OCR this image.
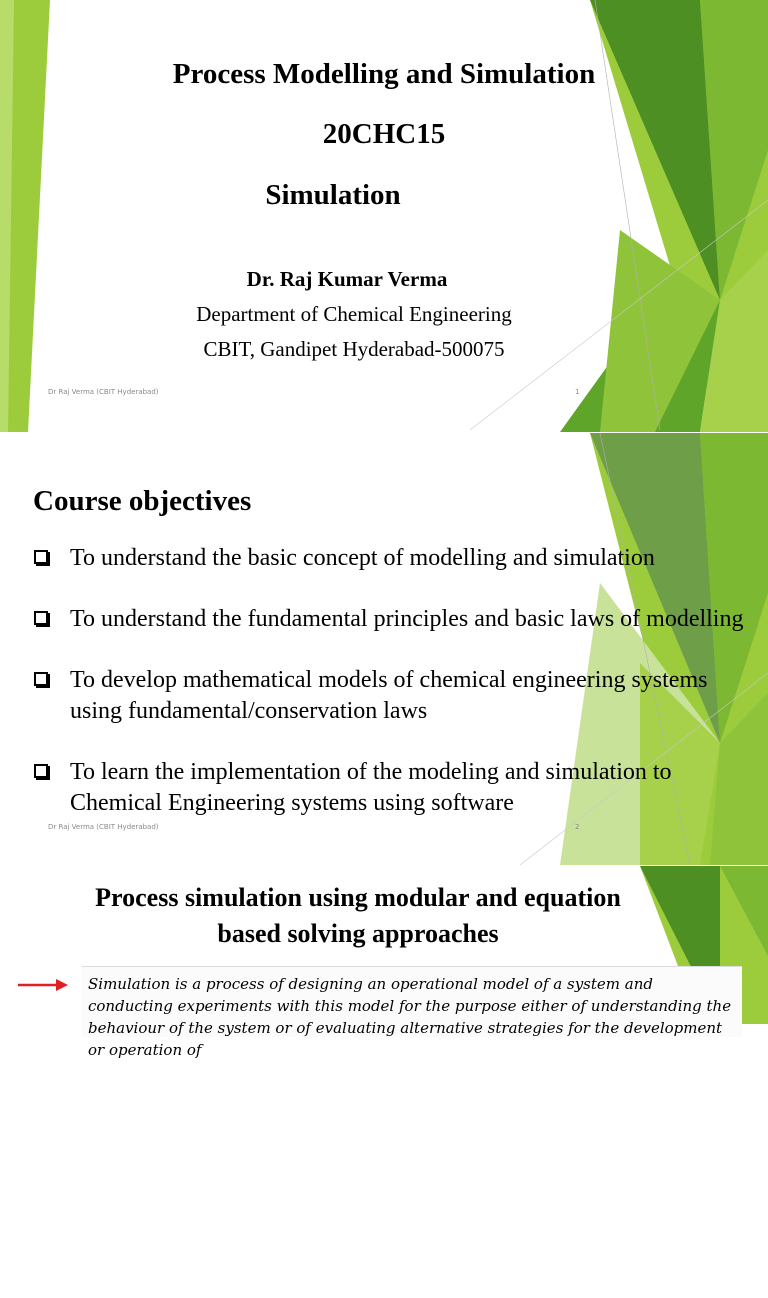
Process Modelling and Simulation
20CHC15
Simulation
Dr. Raj Kumar Verma
Department of Chemical Engineering
CBIT, Gandipet Hyderabad-500075
Dr Raj Verma (CBIT Hyderabad)	1
Course objectives
To understand the basic concept of modelling and simulation
To understand the fundamental principles and basic laws of modelling
To develop mathematical models of chemical engineering systems using fundamental/conservation laws
To learn the implementation of the modeling and simulation to Chemical Engineering systems using software
Dr Raj Verma (CBIT Hyderabad)	2
Process simulation using modular and equation
based solving approaches

Simulation is a process of designing an operational model of a system and conducting experiments with this model for the purpose either of understanding the behaviour of the system or of evaluating alternative strategies for the development or operation of
